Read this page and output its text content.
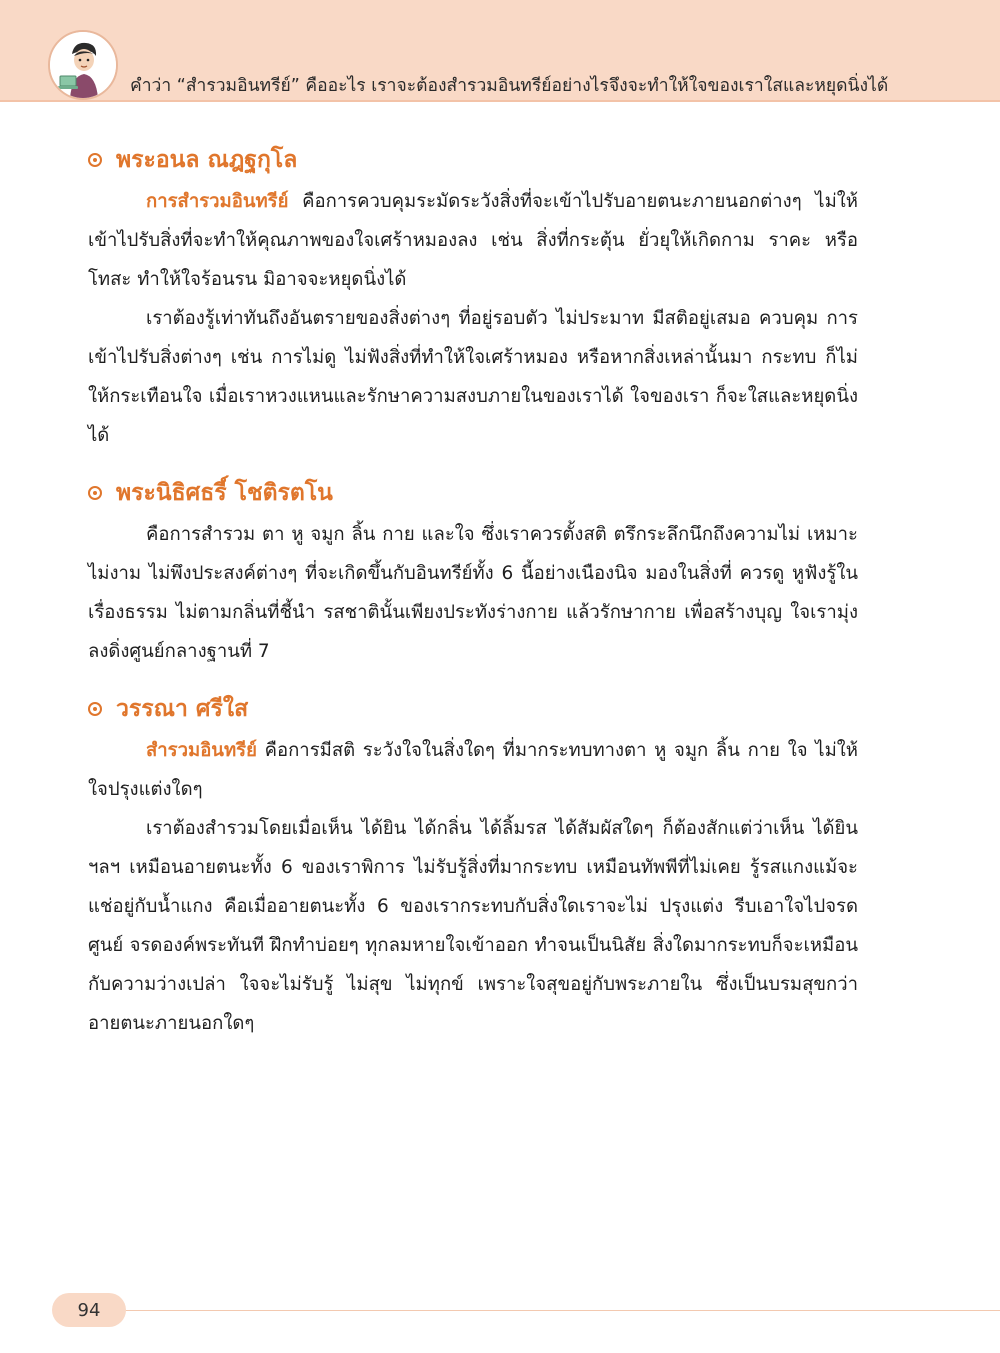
คำว่า “สำรวมอินทรีย์” คืออะไร เราจะต้องสำรวมอินทรีย์อย่างไรจึงจะทำให้ใจของเราใสและหยุดนิ่งได้
พระอนล ณฎฐกุโล

การสำรวมอินทรีย์ คือการควบคุมระมัดระวังสิ่งที่จะเข้าไปรับอายตนะภายนอกต่างๆ ไม่ให้เข้าไปรับสิ่งที่จะทำให้คุณภาพของใจเศร้าหมองลง เช่น สิ่งที่กระตุ้น ยั่วยุให้เกิดกาม ราคะ หรือโทสะ ทำให้ใจร้อนรน มิอาจจะหยุดนิ่งได้

เราต้องรู้เท่าทันถึงอันตรายของสิ่งต่างๆ ที่อยู่รอบตัว ไม่ประมาท มีสติอยู่เสมอ ควบคุม การเข้าไปรับสิ่งต่างๆ เช่น การไม่ดู ไม่ฟังสิ่งที่ทำให้ใจเศร้าหมอง หรือหากสิ่งเหล่านั้นมา กระทบ ก็ไม่ให้กระเทือนใจ เมื่อเราหวงแหนและรักษาความสงบภายในของเราได้ ใจของเรา ก็จะใสและหยุดนิ่งได้

พระนิธิศธรี์ โชติรตโน

คือการสำรวม ตา หู จมูก ลิ้น กาย และใจ ซึ่งเราควรตั้งสติ ตรึกระลึกนึกถึงความไม่ เหมาะ ไม่งาม ไม่พึงประสงค์ต่างๆ ที่จะเกิดขึ้นกับอินทรีย์ทั้ง 6 นี้อย่างเนืองนิจ มองในสิ่งที่ ควรดู หูฟังรู้ในเรื่องธรรม ไม่ตามกลิ่นที่ชี้นำ รสชาตินั้นเพียงประทังร่างกาย แล้วรักษากาย เพื่อสร้างบุญ ใจเรามุ่งลงดิ่งศูนย์กลางฐานที่ 7

วรรณา ศรีใส

สำรวมอินทรีย์ คือการมีสติ ระวังใจในสิ่งใดๆ ที่มากระทบทางตา หู จมูก ลิ้น กาย ใจ ไม่ให้ใจปรุงแต่งใดๆ

เราต้องสำรวมโดยเมื่อเห็น ได้ยิน ได้กลิ่น ได้ลิ้มรส ได้สัมผัสใดๆ ก็ต้องสักแต่ว่าเห็น ได้ยิน ฯลฯ เหมือนอายตนะทั้ง 6 ของเราพิการ ไม่รับรู้สิ่งที่มากระทบ เหมือนทัพพีที่ไม่เคย รู้รสแกงแม้จะแช่อยู่กับน้ำแกง คือเมื่ออายตนะทั้ง 6 ของเรากระทบกับสิ่งใดเราจะไม่ ปรุงแต่ง รีบเอาใจไปจรดศูนย์ จรดองค์พระทันที ฝึกทำบ่อยๆ ทุกลมหายใจเข้าออก ทำจนเป็นนิสัย สิ่งใดมากระทบก็จะเหมือนกับความว่างเปล่า ใจจะไม่รับรู้ ไม่สุข ไม่ทุกข์ เพราะใจสุขอยู่กับพระภายใน ซึ่งเป็นบรมสุขกว่าอายตนะภายนอกใดๆ

94
